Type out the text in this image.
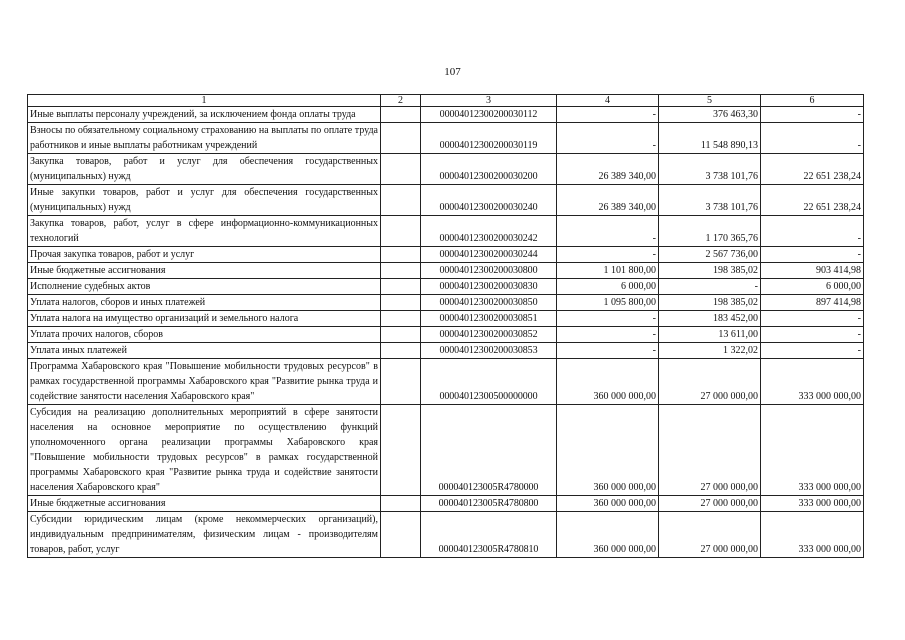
107
1	2	3	4	5	6
Иные выплаты персоналу учреждений, за исключением фонда оплаты труда		00004012300200030112	-	376 463,30	-
Взносы по обязательному социальному страхованию на выплаты по оплате труда работников и иные выплаты работникам учреждений		00004012300200030119	-	11 548 890,13	-
Закупка товаров, работ и услуг для обеспечения государственных (муниципальных) нужд		00004012300200030200	26 389 340,00	3 738 101,76	22 651 238,24
Иные закупки товаров, работ и услуг для обеспечения государственных (муниципальных) нужд		00004012300200030240	26 389 340,00	3 738 101,76	22 651 238,24
Закупка товаров, работ, услуг в сфере информационно-коммуникационных технологий		00004012300200030242	-	1 170 365,76	-
Прочая закупка товаров, работ и услуг		00004012300200030244	-	2 567 736,00	-
Иные бюджетные ассигнования		00004012300200030800	1 101 800,00	198 385,02	903 414,98
Исполнение судебных актов		00004012300200030830	6 000,00	-	6 000,00
Уплата налогов, сборов и иных платежей		00004012300200030850	1 095 800,00	198 385,02	897 414,98
Уплата налога на имущество организаций и земельного налога		00004012300200030851	-	183 452,00	-
Уплата прочих налогов, сборов		00004012300200030852	-	13 611,00	-
Уплата иных платежей		00004012300200030853	-	1 322,02	-
Программа Хабаровского края "Повышение мобильности трудовых ресурсов" в рамках государственной программы Хабаровского края "Развитие рынка труда и содействие занятости населения Хабаровского края"		00004012300500000000	360 000 000,00	27 000 000,00	333 000 000,00
Субсидия на реализацию дополнительных мероприятий в сфере занятости населения на основное мероприятие по осуществлению функций уполномоченного органа реализации программы Хабаровского края "Повышение мобильности трудовых ресурсов" в рамках государственной программы Хабаровского края "Развитие рынка труда и содействие занятости населения Хабаровского края"		000040123005R4780000	360 000 000,00	27 000 000,00	333 000 000,00
Иные бюджетные ассигнования		000040123005R4780800	360 000 000,00	27 000 000,00	333 000 000,00
Субсидии юридическим лицам (кроме некоммерческих организаций), индивидуальным предпринимателям, физическим лицам - производителям товаров, работ, услуг		000040123005R4780810	360 000 000,00	27 000 000,00	333 000 000,00
